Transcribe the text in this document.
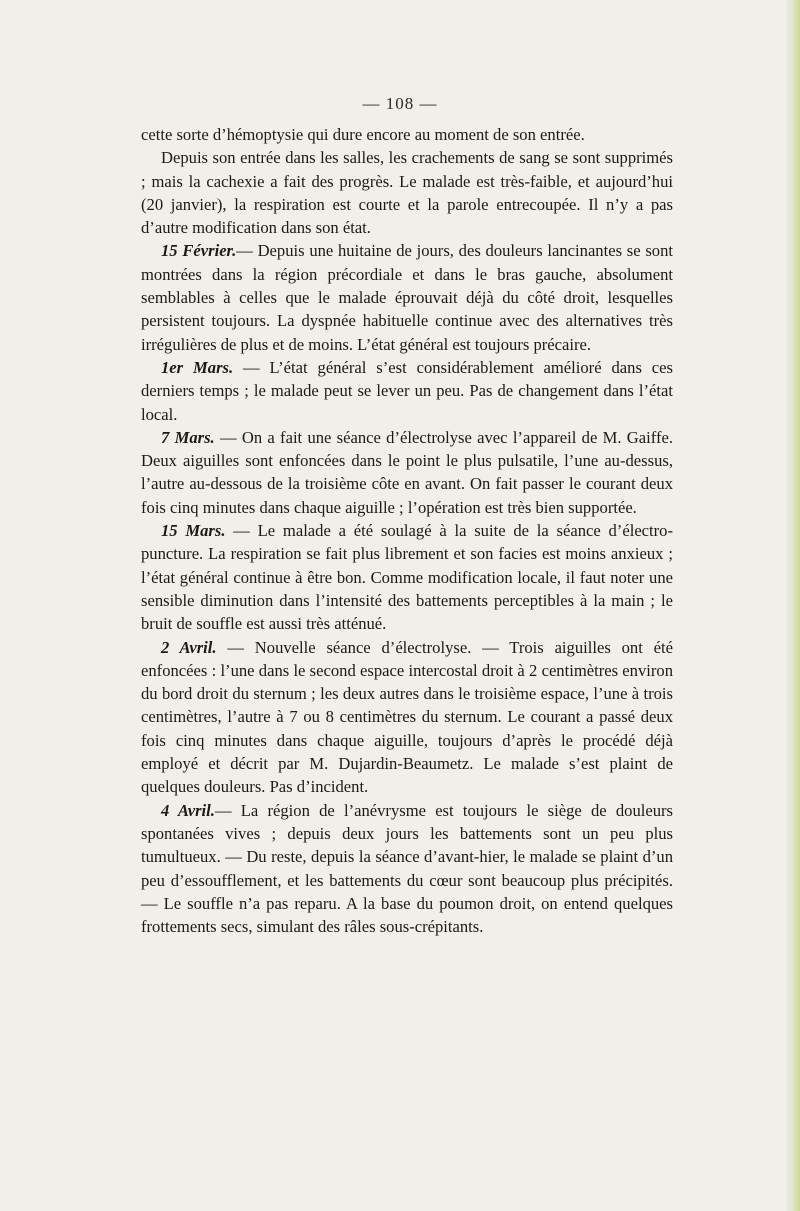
— 108 —

cette sorte d’hémoptysie qui dure encore au moment de son entrée.

Depuis son entrée dans les salles, les crachements de sang se sont supprimés ; mais la cachexie a fait des progrès. Le malade est très-faible, et aujourd’hui (20 janvier), la respiration est courte et la parole entrecoupée. Il n’y a pas d’autre modification dans son état.

15 Février.— Depuis une huitaine de jours, des douleurs lancinantes se sont montrées dans la région précordiale et dans le bras gauche, absolument semblables à celles que le malade éprouvait déjà du côté droit, lesquelles persistent toujours. La dyspnée habituelle continue avec des alternatives très irrégulières de plus et de moins. L’état général est toujours précaire.

1er Mars. — L’état général s’est considérablement amélioré dans ces derniers temps ; le malade peut se lever un peu. Pas de changement dans l’état local.

7 Mars. — On a fait une séance d’électrolyse avec l’appareil de M. Gaiffe. Deux aiguilles sont enfoncées dans le point le plus pulsatile, l’une au-dessus, l’autre au-dessous de la troisième côte en avant. On fait passer le courant deux fois cinq minutes dans chaque aiguille ; l’opération est très bien supportée.

15 Mars. — Le malade a été soulagé à la suite de la séance d’électro-puncture. La respiration se fait plus librement et son facies est moins anxieux ; l’état général continue à être bon. Comme modification locale, il faut noter une sensible diminution dans l’intensité des battements perceptibles à la main ; le bruit de souffle est aussi très atténué.

2 Avril. — Nouvelle séance d’électrolyse. — Trois aiguilles ont été enfoncées : l’une dans le second espace intercostal droit à 2 centimètres environ du bord droit du sternum ; les deux autres dans le troisième espace, l’une à trois centimètres, l’autre à 7 ou 8 centimètres du sternum. Le courant a passé deux fois cinq minutes dans chaque aiguille, toujours d’après le procédé déjà employé et décrit par M. Dujardin-Beaumetz. Le malade s’est plaint de quelques douleurs. Pas d’incident.

4 Avril.— La région de l’anévrysme est toujours le siège de douleurs spontanées vives ; depuis deux jours les battements sont un peu plus tumultueux. — Du reste, depuis la séance d’avant-hier, le malade se plaint d’un peu d’essoufflement, et les battements du cœur sont beaucoup plus précipités. — Le souffle n’a pas reparu. A la base du poumon droit, on entend quelques frottements secs, simulant des râles sous-crépitants.
